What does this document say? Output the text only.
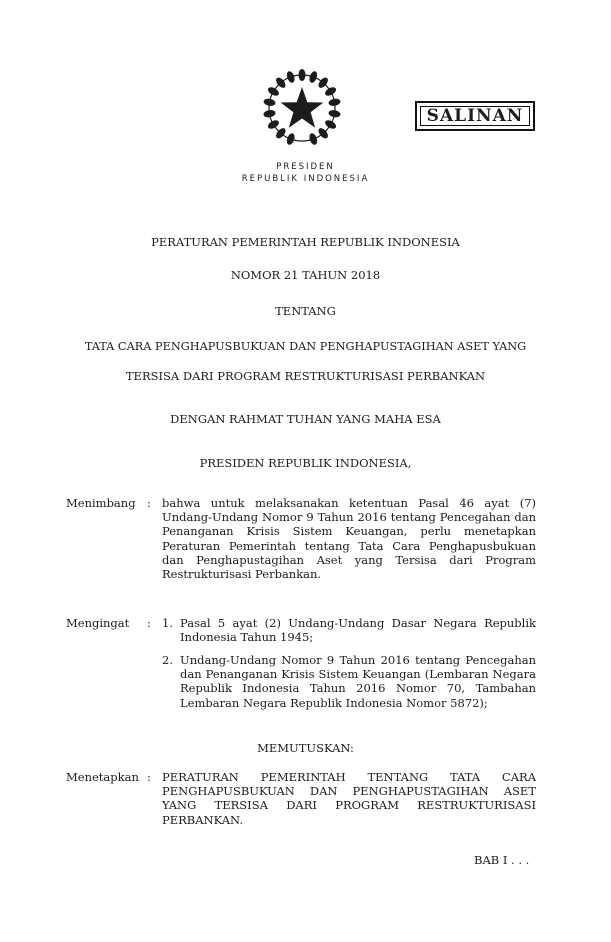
SALINAN
PRESIDEN
REPUBLIK INDONESIA
PERATURAN PEMERINTAH REPUBLIK INDONESIA
NOMOR 21 TAHUN 2018
TENTANG
TATA CARA PENGHAPUSBUKUAN DAN PENGHAPUSTAGIHAN ASET YANG
TERSISA DARI PROGRAM RESTRUKTURISASI PERBANKAN
DENGAN RAHMAT TUHAN YANG MAHA ESA
PRESIDEN REPUBLIK INDONESIA,
Menimbang : bahwa untuk melaksanakan ketentuan Pasal 46 ayat (7) Undang-Undang Nomor 9 Tahun 2016 tentang Pencegahan dan Penanganan Krisis Sistem Keuangan, perlu menetapkan Peraturan Pemerintah tentang Tata Cara Penghapusbukuan dan Penghapustagihan Aset yang Tersisa dari Program Restrukturisasi Perbankan.
Mengingat : 1. Pasal 5 ayat (2) Undang-Undang Dasar Negara Republik Indonesia Tahun 1945;
2. Undang-Undang Nomor 9 Tahun 2016 tentang Pencegahan dan Penanganan Krisis Sistem Keuangan (Lembaran Negara Republik Indonesia Tahun 2016 Nomor 70, Tambahan Lembaran Negara Republik Indonesia Nomor 5872);
MEMUTUSKAN:
Menetapkan : PERATURAN PEMERINTAH TENTANG TATA CARA PENGHAPUSBUKUAN DAN PENGHAPUSTAGIHAN ASET YANG TERSISA DARI PROGRAM RESTRUKTURISASI PERBANKAN.
BAB I . . .
